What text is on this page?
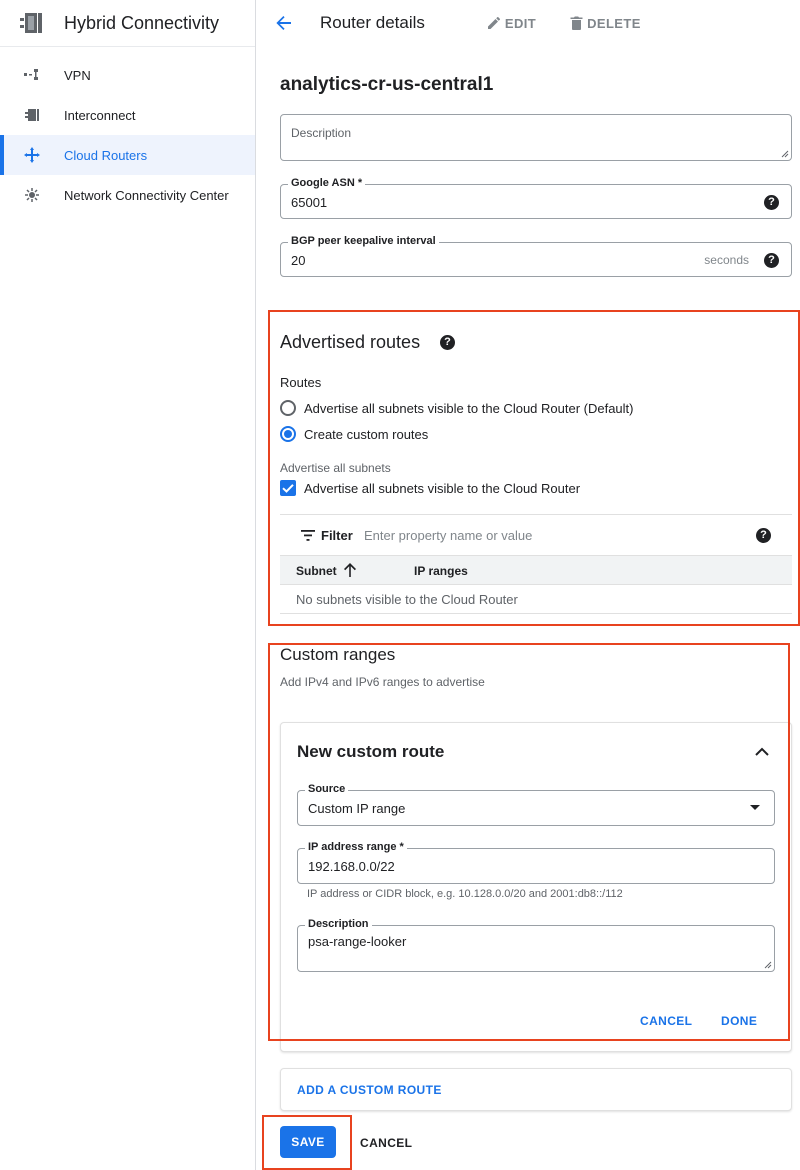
Hybrid Connectivity
VPN
Interconnect
Cloud Routers
Network Connectivity Center
Router details	EDIT	DELETE
analytics-cr-us-central1
Description
Google ASN *
65001	?
BGP peer keepalive interval
20	seconds	?
Advertised routes	?
Routes
Advertise all subnets visible to the Cloud Router (Default)
Create custom routes
Advertise all subnets
Advertise all subnets visible to the Cloud Router
Filter Enter property name or value	?
Subnet	IP ranges
No subnets visible to the Cloud Router
Custom ranges
Add IPv4 and IPv6 ranges to advertise
New custom route
Source
Custom IP range
IP address range *
192.168.0.0/22
IP address or CIDR block, e.g. 10.128.0.0/20 and 2001:db8::/112
Description
psa-range-looker
CANCEL DONE
ADD A CUSTOM ROUTE
SAVE	CANCEL
